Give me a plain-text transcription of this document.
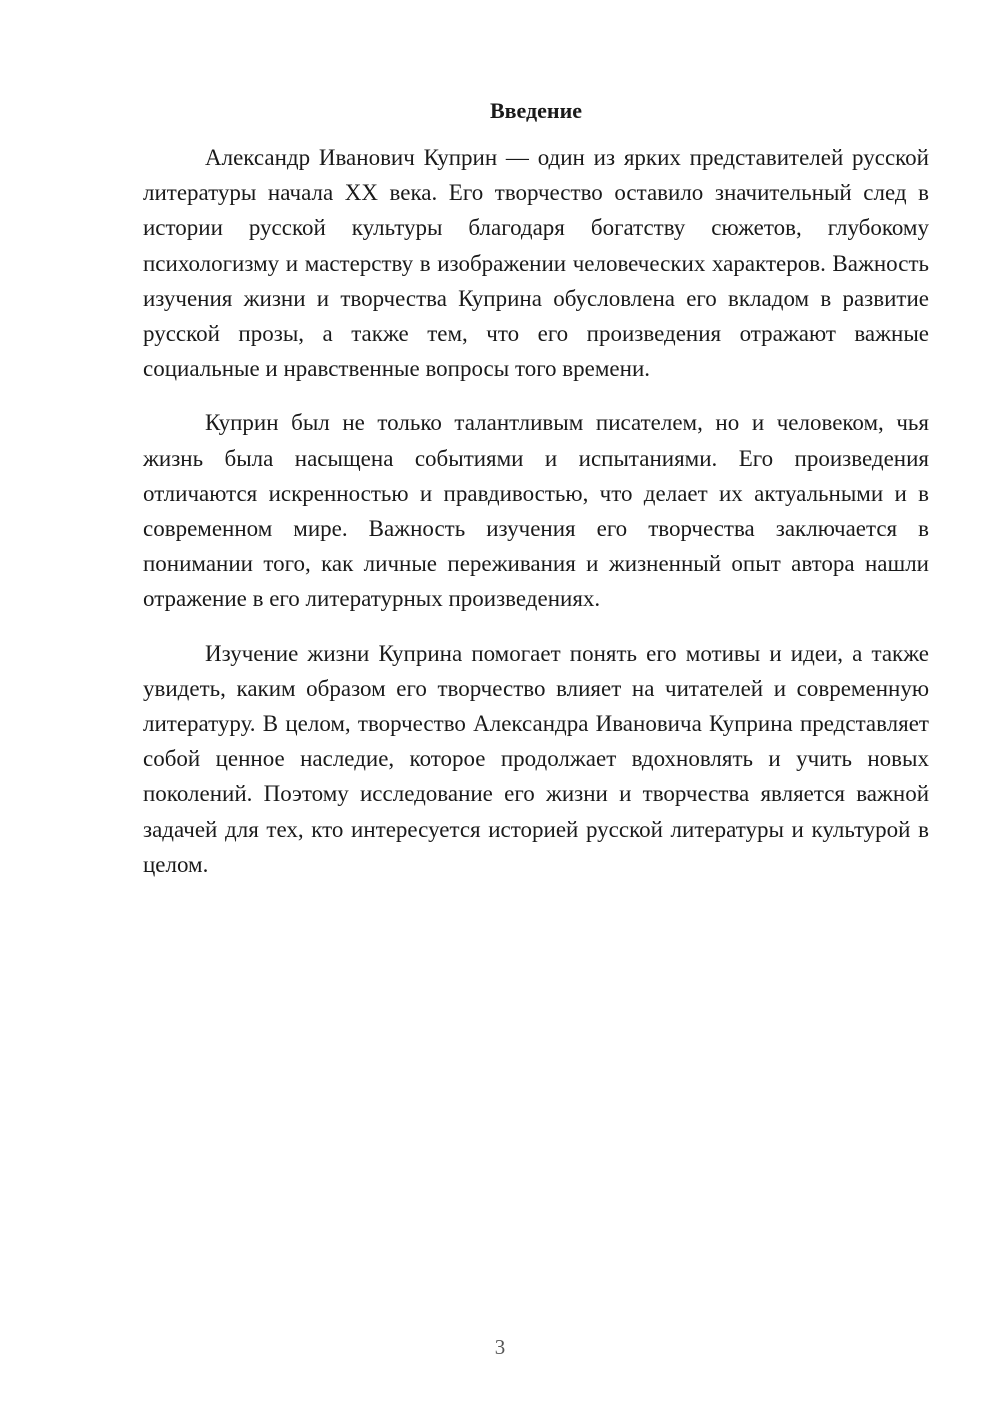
Введение

Александр Иванович Куприн — один из ярких представителей русской литературы начала XX века. Его творчество оставило значительный след в истории русской культуры благодаря богатству сюжетов, глубокому психологизму и мастерству в изображении человеческих характеров. Важность изучения жизни и творчества Куприна обусловлена его вкладом в развитие русской прозы, а также тем, что его произведения отражают важные социальные и нравственные вопросы того времени.

Куприн был не только талантливым писателем, но и человеком, чья жизнь была насыщена событиями и испытаниями. Его произведения отличаются искренностью и правдивостью, что делает их актуальными и в современном мире. Важность изучения его творчества заключается в понимании того, как личные переживания и жизненный опыт автора нашли отражение в его литературных произведениях.

Изучение жизни Куприна помогает понять его мотивы и идеи, а также увидеть, каким образом его творчество влияет на читателей и современную литературу. В целом, творчество Александра Ивановича Куприна представляет собой ценное наследие, которое продолжает вдохновлять и учить новых поколений. Поэтому исследование его жизни и творчества является важной задачей для тех, кто интересуется историей русской литературы и культурой в целом.

3
